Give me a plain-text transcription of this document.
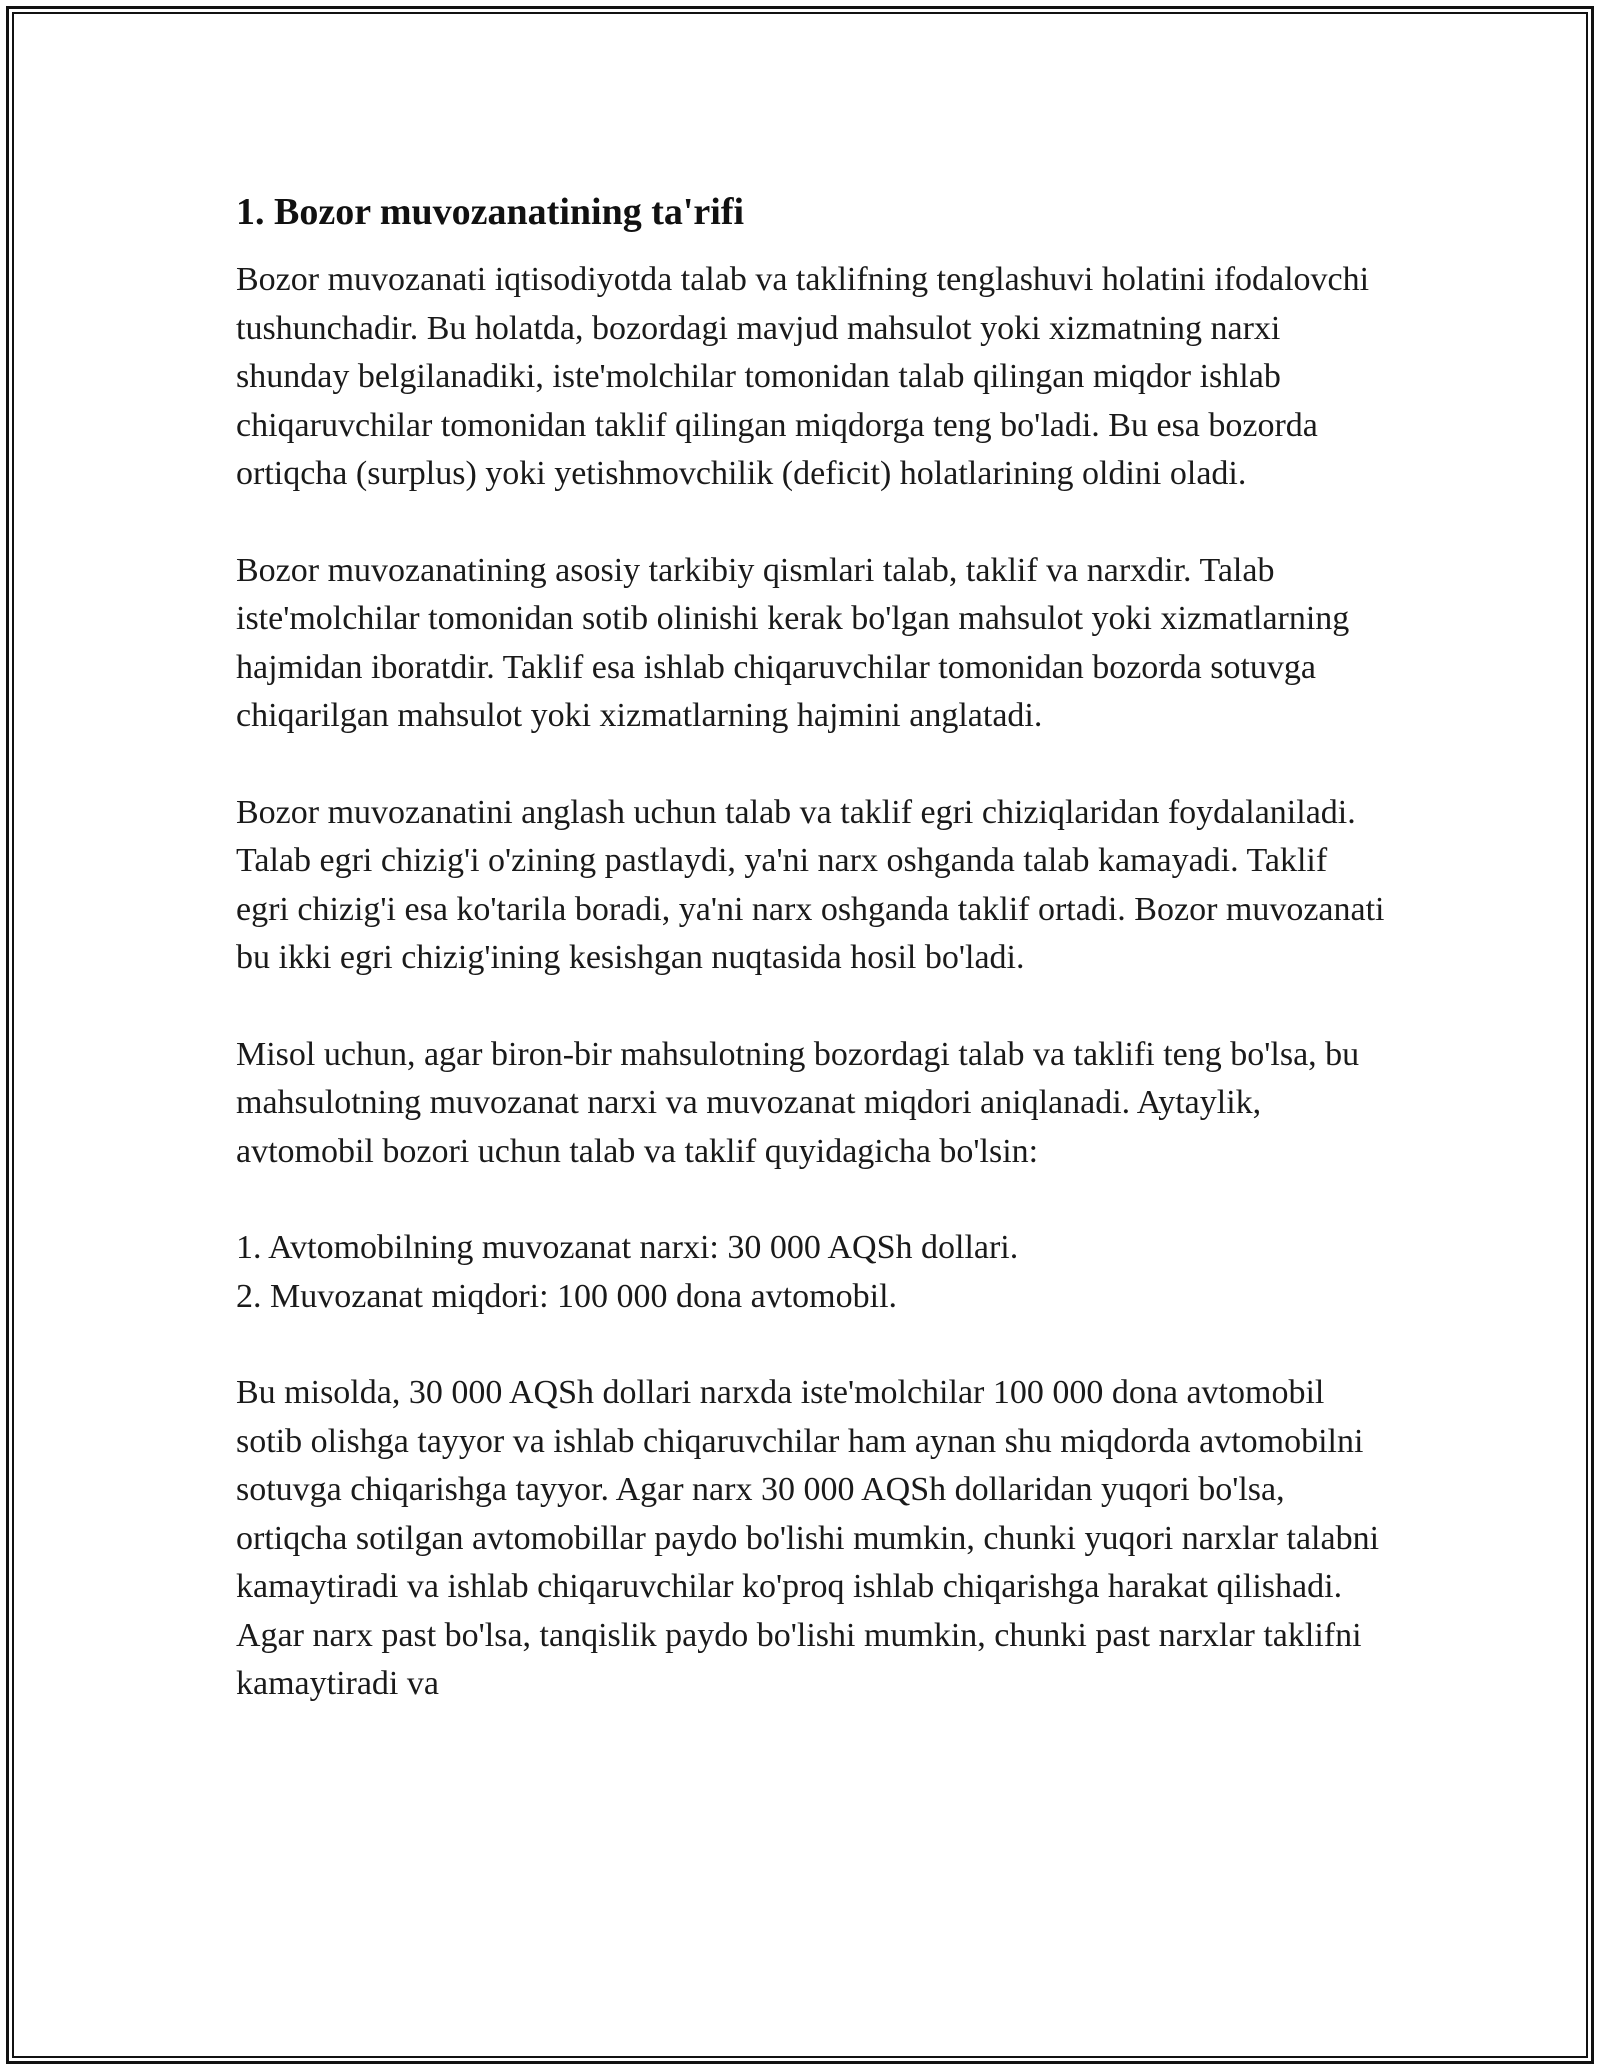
1. Bozor muvozanatining ta'rifi

Bozor muvozanati iqtisodiyotda talab va taklifning tenglashuvi holatini ifodalovchi tushunchadir. Bu holatda, bozordagi mavjud mahsulot yoki xizmatning narxi shunday belgilanadiki, iste'molchilar tomonidan talab qilingan miqdor ishlab chiqaruvchilar tomonidan taklif qilingan miqdorga teng bo'ladi. Bu esa bozorda ortiqcha (surplus) yoki yetishmovchilik (deficit) holatlarining oldini oladi.

Bozor muvozanatining asosiy tarkibiy qismlari talab, taklif va narxdir. Talab iste'molchilar tomonidan sotib olinishi kerak bo'lgan mahsulot yoki xizmatlarning hajmidan iboratdir. Taklif esa ishlab chiqaruvchilar tomonidan bozorda sotuvga chiqarilgan mahsulot yoki xizmatlarning hajmini anglatadi.

Bozor muvozanatini anglash uchun talab va taklif egri chiziqlaridan foydalaniladi. Talab egri chizig'i o'zining pastlaydi, ya'ni narx oshganda talab kamayadi. Taklif egri chizig'i esa ko'tarila boradi, ya'ni narx oshganda taklif ortadi. Bozor muvozanati bu ikki egri chizig'ining kesishgan nuqtasida hosil bo'ladi.

Misol uchun, agar biron-bir mahsulotning bozordagi talab va taklifi teng bo'lsa, bu mahsulotning muvozanat narxi va muvozanat miqdori aniqlanadi. Aytaylik, avtomobil bozori uchun talab va taklif quyidagicha bo'lsin:

1. Avtomobilning muvozanat narxi: 30 000 AQSh dollari.
2. Muvozanat miqdori: 100 000 dona avtomobil.

Bu misolda, 30 000 AQSh dollari narxda iste'molchilar 100 000 dona avtomobil sotib olishga tayyor va ishlab chiqaruvchilar ham aynan shu miqdorda avtomobilni sotuvga chiqarishga tayyor. Agar narx 30 000 AQSh dollaridan yuqori bo'lsa, ortiqcha sotilgan avtomobillar paydo bo'lishi mumkin, chunki yuqori narxlar talabni kamaytiradi va ishlab chiqaruvchilar ko'proq ishlab chiqarishga harakat qilishadi. Agar narx past bo'lsa, tanqislik paydo bo'lishi mumkin, chunki past narxlar taklifni kamaytiradi va
